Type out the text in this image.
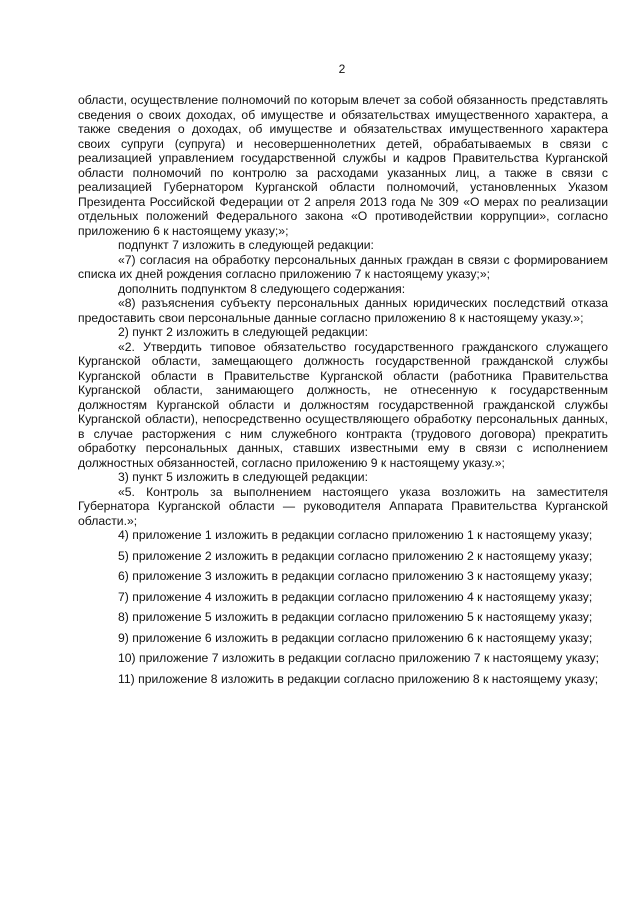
2

области, осуществление полномочий по которым влечет за собой обязанность представлять сведения о своих доходах, об имуществе и обязательствах имущественного характера, а также сведения о доходах, об имуществе и обязательствах имущественного характера своих супруги (супруга) и несовершеннолетних детей, обрабатываемых в связи с реализацией управлением государственной службы и кадров Правительства Курганской области полномочий по контролю за расходами указанных лиц, а также в связи с реализацией Губернатором Курганской области полномочий, установленных Указом Президента Российской Федерации от 2 апреля 2013 года № 309 «О мерах по реализации отдельных положений Федерального закона «О противодействии коррупции», согласно приложению 6 к настоящему указу;»;

подпункт 7 изложить в следующей редакции:

«7) согласия на обработку персональных данных граждан в связи с формированием списка их дней рождения согласно приложению 7 к настоящему указу;»;

дополнить подпунктом 8 следующего содержания:

«8) разъяснения субъекту персональных данных юридических последствий отказа предоставить свои персональные данные согласно приложению 8 к настоящему указу.»;

2) пункт 2 изложить в следующей редакции:

«2. Утвердить типовое обязательство государственного гражданского служащего Курганской области, замещающего должность государственной гражданской службы Курганской области в Правительстве Курганской области (работника Правительства Курганской области, занимающего должность, не отнесенную к государственным должностям Курганской области и должностям государственной гражданской службы Курганской области), непосредственно осуществляющего обработку персональных данных, в случае расторжения с ним служебного контракта (трудового договора) прекратить обработку персональных данных, ставших известными ему в связи с исполнением должностных обязанностей, согласно приложению 9 к настоящему указу.»;

3) пункт 5 изложить в следующей редакции:

«5. Контроль за выполнением настоящего указа возложить на заместителя Губернатора Курганской области — руководителя Аппарата Правительства Курганской области.»;

4) приложение 1 изложить в редакции согласно приложению 1 к настоящему указу;

5) приложение 2 изложить в редакции согласно приложению 2 к настоящему указу;

6) приложение 3 изложить в редакции согласно приложению 3 к настоящему указу;

7) приложение 4 изложить в редакции согласно приложению 4 к настоящему указу;

8) приложение 5 изложить в редакции согласно приложению 5 к настоящему указу;

9) приложение 6 изложить в редакции согласно приложению 6 к настоящему указу;

10) приложение 7 изложить в редакции согласно приложению 7 к настоящему указу;

11) приложение 8 изложить в редакции согласно приложению 8 к настоящему указу;
